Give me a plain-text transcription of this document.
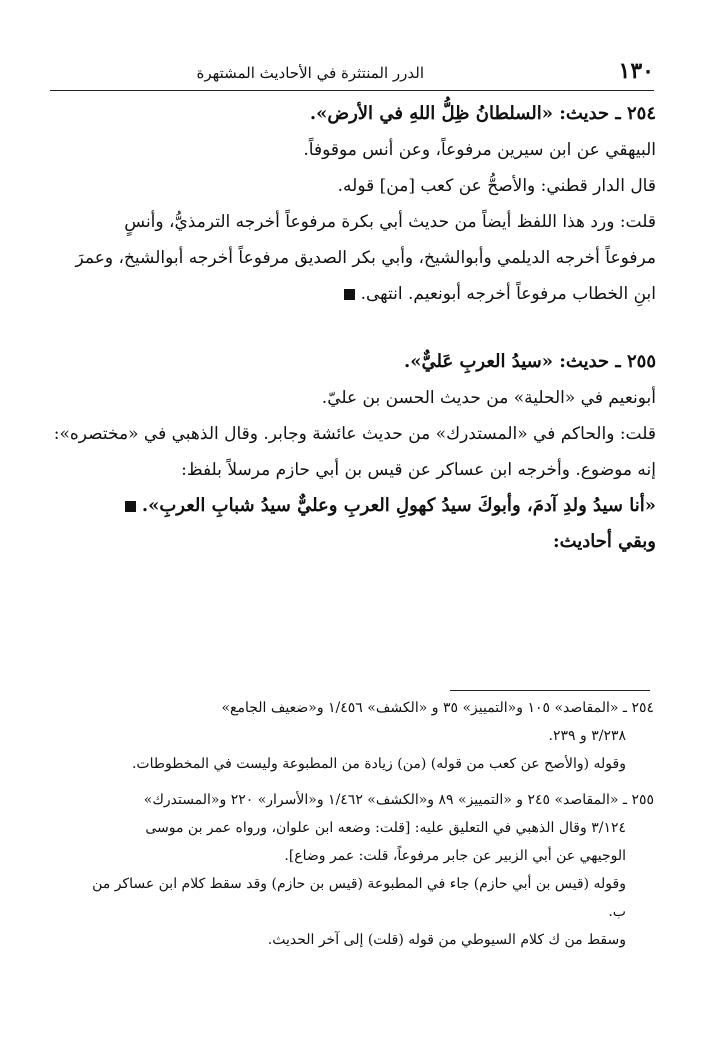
١٣٠
الدرر المنتثرة في الأحاديث المشتهرة
٢٥٤ ـ حديث: «السلطانُ ظِلُّ اللهِ في الأرض».
البيهقي عن ابن سيرين مرفوعاً، وعن أنس موقوفاً.
قال الدار قطني: والأصحُّ عن كعب [من] قوله.
قلت: ورد هذا اللفظ أيضاً من حديث أبي بكرة مرفوعاً أخرجه الترمذيُّ، وأنسٍ
مرفوعاً أخرجه الديلمي وأبوالشيخ، وأبي بكر الصديق مرفوعاً أخرجه أبوالشيخ، وعمرَ
ابنِ الخطاب مرفوعاً أخرجه أبونعيم. انتهى.
٢٥٥ ـ حديث: «سيدُ العربِ عَليٌّ».
أبونعيم في «الحلية» من حديث الحسن بن عليّ.
قلت: والحاكم في «المستدرك» من حديث عائشة وجابر. وقال الذهبي في «مختصره»:
إنه موضوع. وأخرجه ابن عساكر عن قيس بن أبي حازم مرسلاً بلفظ:
«أنا سيدُ ولدِ آدمَ، وأبوكَ سيدُ كهولِ العربِ وعليٌّ سيدُ شبابِ العربِ».
وبقي أحاديث:
٢٥٤ ـ «المقاصد» ١٠٥ و«التمييز» ٣٥ و «الكشف» ١/٤٥٦ و«ضعيف الجامع»
٣/٢٣٨ و ٢٣٩.
وقوله (والأصح عن كعب من قوله) (من) زيادة من المطبوعة وليست في المخطوطات.
٢٥٥ ـ «المقاصد» ٢٤٥ و «التمييز» ٨٩ و«الكشف» ١/٤٦٢ و«الأسرار» ٢٢٠ و«المستدرك»
٣/١٢٤ وقال الذهبي في التعليق عليه: [قلت: وضعه ابن علوان، ورواه عمر بن موسى
الوجيهي عن أبي الزبير عن جابر مرفوعاً، قلت: عمر وضاع].
وقوله (قيس بن أبي حازم) جاء في المطبوعة (قيس بن حازم) وقد سقط كلام ابن عساكر من
ب.
وسقط من ك كلام السيوطي من قوله (قلت) إلى آخر الحديث.
